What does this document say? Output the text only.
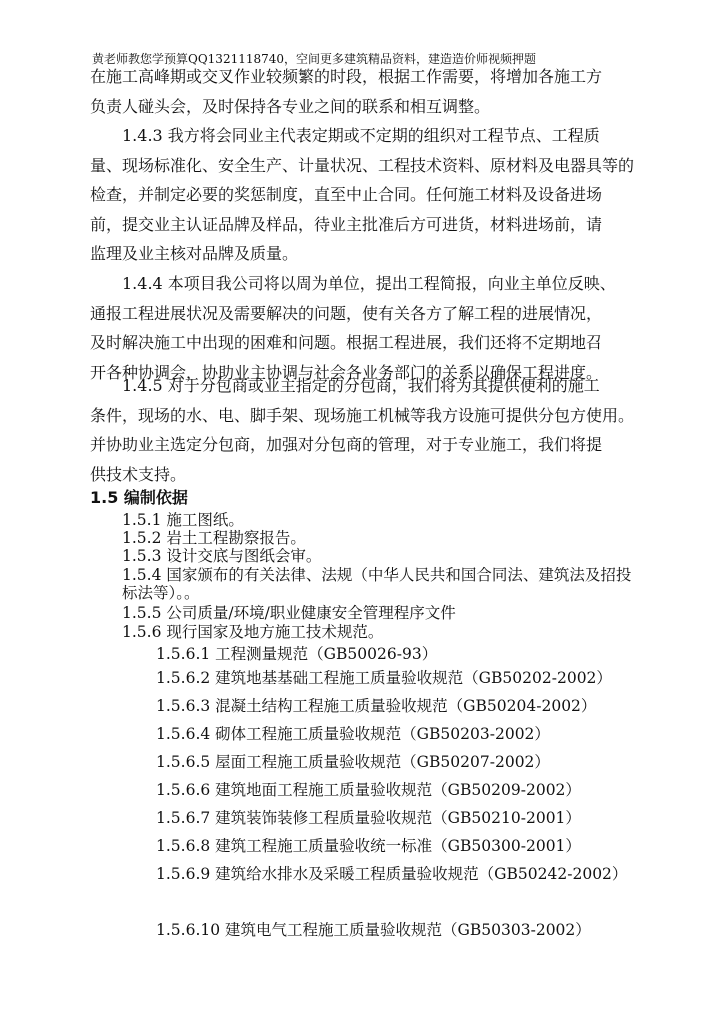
黄老师教您学预算QQ1321118740，空间更多建筑精品资料，建造造价师视频押题
在施工高峰期或交叉作业较频繁的时段，根据工作需要，将增加各施工方
负责人碰头会，及时保持各专业之间的联系和相互调整。
1.4.3 我方将会同业主代表定期或不定期的组织对工程节点、工程质
量、现场标准化、安全生产、计量状况、工程技术资料、原材料及电器具等的
检查，并制定必要的奖惩制度，直至中止合同。任何施工材料及设备进场
前，提交业主认证品牌及样品，待业主批准后方可进货，材料进场前，请
监理及业主核对品牌及质量。
1.4.4 本项目我公司将以周为单位，提出工程简报，向业主单位反映、
通报工程进展状况及需要解决的问题，使有关各方了解工程的进展情况，
及时解决施工中出现的困难和问题。根据工程进展，我们还将不定期地召
开各种协调会，协助业主协调与社会各业务部门的关系以确保工程进度。
1.4.5 对于分包商或业主指定的分包商，我们将为其提供便利的施工
条件，现场的水、电、脚手架、现场施工机械等我方设施可提供分包方使用。
并协助业主选定分包商，加强对分包商的管理，对于专业施工，我们将提
供技术支持。
1.5 编制依据
1.5.1 施工图纸。
1.5.2 岩土工程勘察报告。
1.5.3 设计交底与图纸会审。
1.5.4 国家颁布的有关法律、法规（中华人民共和国合同法、建筑法及招投标法等）。。
1.5.5 公司质量/环境/职业健康安全管理程序文件
1.5.6 现行国家及地方施工技术规范。
1.5.6.1 工程测量规范（GB50026-93）
1.5.6.2 建筑地基基础工程施工质量验收规范（GB50202-2002）
1.5.6.3 混凝土结构工程施工质量验收规范（GB50204-2002）
1.5.6.4 砌体工程施工质量验收规范（GB50203-2002）
1.5.6.5 屋面工程施工质量验收规范（GB50207-2002）
1.5.6.6 建筑地面工程施工质量验收规范（GB50209-2002）
1.5.6.7 建筑装饰装修工程质量验收规范（GB50210-2001）
1.5.6.8 建筑工程施工质量验收统一标准（GB50300-2001）
1.5.6.9 建筑给水排水及采暖工程质量验收规范（GB50242-2002）
1.5.6.10 建筑电气工程施工质量验收规范（GB50303-2002）
